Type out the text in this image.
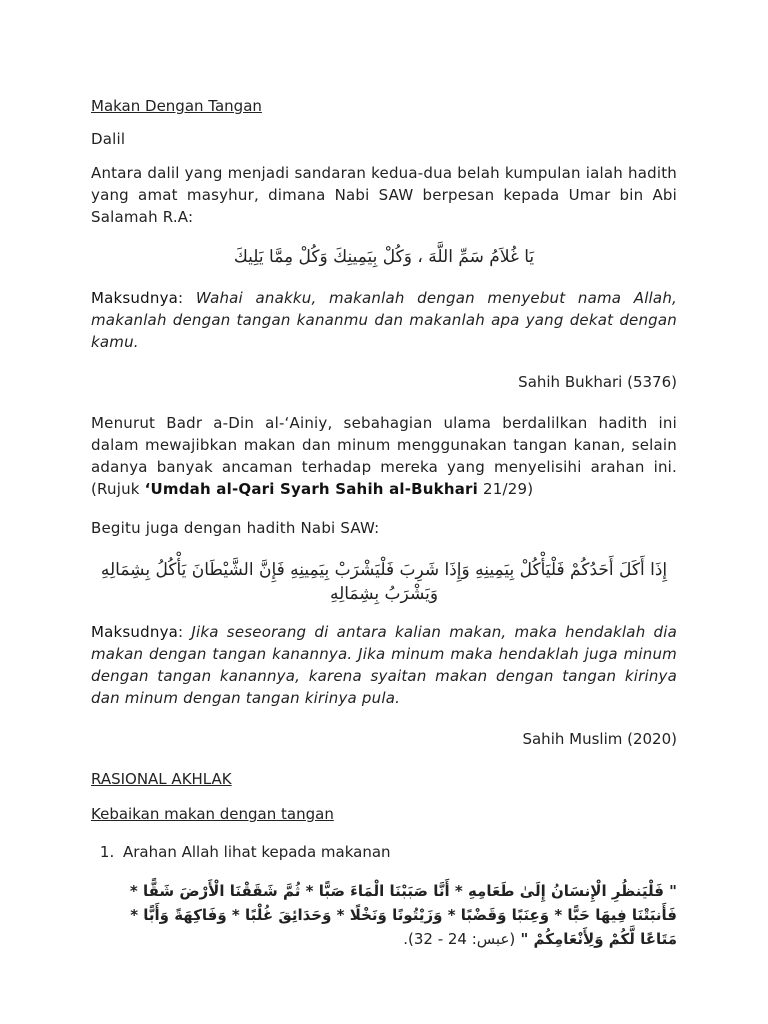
Makan Dengan Tangan

Dalil

Antara dalil yang menjadi sandaran kedua-dua belah kumpulan ialah hadith yang amat masyhur, dimana Nabi SAW berpesan kepada Umar bin Abi Salamah R.A:

يَا غُلاَمُ سَمِّ اللَّهَ ، وَكُلْ بِيَمِينِكَ وَكُلْ مِمَّا يَلِيكَ

Maksudnya: Wahai anakku, makanlah dengan menyebut nama Allah, makanlah dengan tangan kananmu dan makanlah apa yang dekat dengan kamu.

Sahih Bukhari (5376)

Menurut Badr a-Din al-‘Ainiy, sebahagian ulama berdalilkan hadith ini dalam mewajibkan makan dan minum menggunakan tangan kanan, selain adanya banyak ancaman terhadap mereka yang menyelisihi arahan ini. (Rujuk ‘Umdah al-Qari Syarh Sahih al-Bukhari 21/29)

Begitu juga dengan hadith Nabi SAW:

إِذَا أَكَلَ أَحَدُكُمْ فَلْيَأْكُلْ بِيَمِينِهِ وَإِذَا شَرِبَ فَلْيَشْرَبْ بِيَمِينِهِ فَإِنَّ الشَّيْطَانَ يَأْكُلُ بِشِمَالِهِ وَيَشْرَبُ بِشِمَالِهِ

Maksudnya: Jika seseorang di antara kalian makan, maka hendaklah dia makan dengan tangan kanannya. Jika minum maka hendaklah juga minum dengan tangan kanannya, karena syaitan makan dengan tangan kirinya dan minum dengan tangan kirinya pula.

Sahih Muslim (2020)

RASIONAL AKHLAK

Kebaikan makan dengan tangan

1. Arahan Allah lihat kepada makanan

" فَلْيَنظُرِ الْإِنسَانُ إِلَىٰ طَعَامِهِ * أَنَّا صَبَبْنَا الْمَاءَ صَبًّا * ثُمَّ شَقَقْنَا الْأَرْضَ شَقًّا * فَأَنبَتْنَا فِيهَا حَبًّا * وَعِنَبًا وَقَضْبًا * وَزَيْتُونًا وَنَخْلًا * وَحَدَائِقَ غُلْبًا * وَفَاكِهَةً وَأَبًّا * مَتَاعًا لَّكُمْ وَلِأَنْعَامِكُمْ " (عبس: 24 - 32).
